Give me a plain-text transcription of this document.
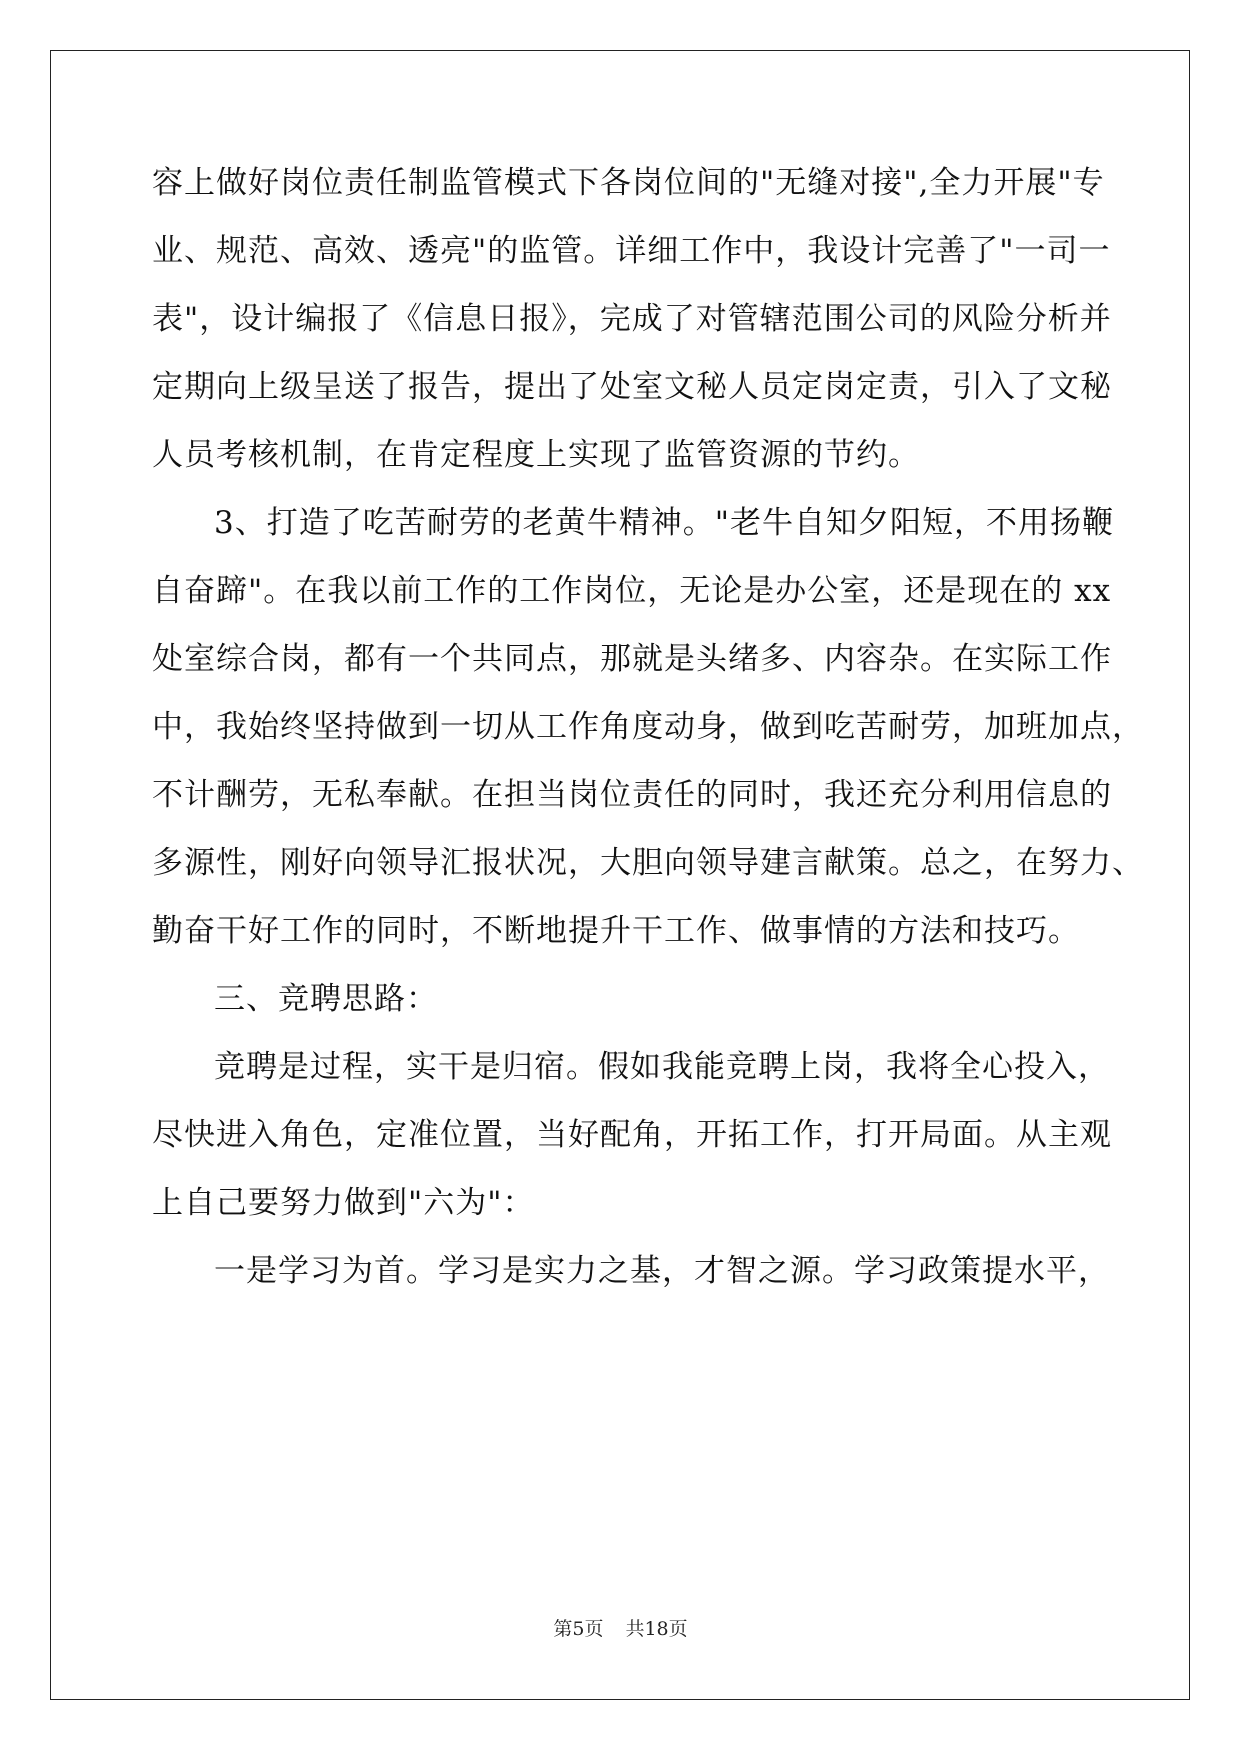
容上做好岗位责任制监管模式下各岗位间的"无缝对接",全力开展"专
业、规范、高效、透亮"的监管。详细工作中，我设计完善了"一司一
表"，设计编报了《信息日报》，完成了对管辖范围公司的风险分析并
定期向上级呈送了报告，提出了处室文秘人员定岗定责，引入了文秘
人员考核机制，在肯定程度上实现了监管资源的节约。
3、打造了吃苦耐劳的老黄牛精神。"老牛自知夕阳短，不用扬鞭
自奋蹄"。在我以前工作的工作岗位，无论是办公室，还是现在的 xx
处室综合岗，都有一个共同点，那就是头绪多、内容杂。在实际工作
中，我始终坚持做到一切从工作角度动身，做到吃苦耐劳，加班加点，
不计酬劳，无私奉献。在担当岗位责任的同时，我还充分利用信息的
多源性，刚好向领导汇报状况，大胆向领导建言献策。总之，在努力、
勤奋干好工作的同时，不断地提升干工作、做事情的方法和技巧。
三、竞聘思路：
竞聘是过程，实干是归宿。假如我能竞聘上岗，我将全心投入，
尽快进入角色，定准位置，当好配角，开拓工作，打开局面。从主观
上自己要努力做到"六为"：
一是学习为首。学习是实力之基，才智之源。学习政策提水平，
第5页 共18页
